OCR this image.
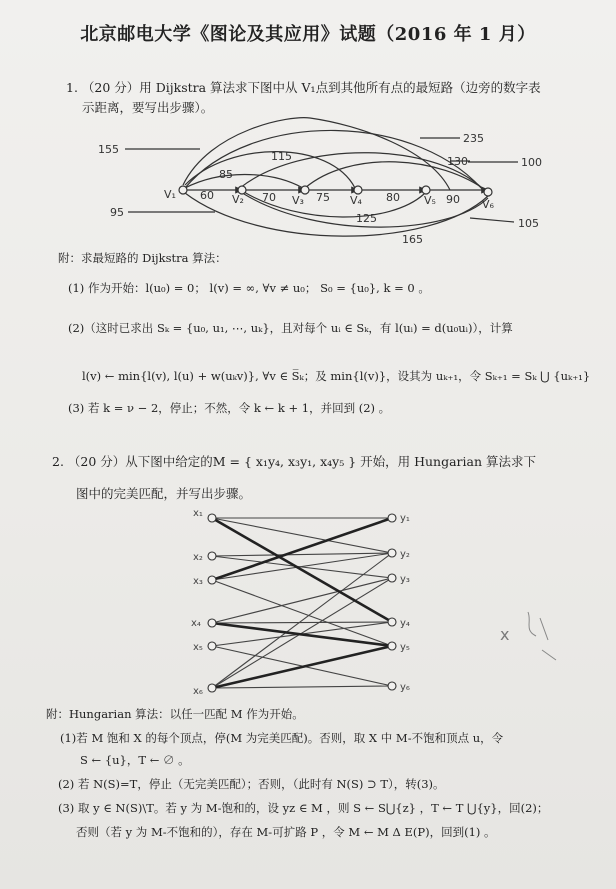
北京邮电大学《图论及其应用》试题（2016 年 1 月）
1. （20 分）用 Dijkstra 算法求下图中从 V₁点到其他所有点的最短路（边旁的数字表
示距离，要写出步骤）。
V₁	V₂	V₃	V₄	V₅	V₆
155
235
115	130	100
85
60	70	75	80	90
95	125	105
165
附：求最短路的 Dijkstra 算法：
(1) 作为开始：l(u₀) = 0； l(v) = ∞, ∀v ≠ u₀； S₀ = {u₀}, k = 0 。
(2)（这时已求出 Sₖ = {u₀, u₁, ⋯, uₖ}，且对每个 uᵢ ∈ Sₖ，有 l(uᵢ) = d(u₀uᵢ)），计算
l(v) ← min{l(v), l(u) + w(uₖv)}, ∀v ∈ S̅ₖ；及 min{l(v)}，设其为 uₖ₊₁，令 Sₖ₊₁ = Sₖ ⋃ {uₖ₊₁}
(3) 若 k = ν − 2，停止；不然，令 k ← k + 1，并回到 (2) 。
2. （20 分）从下图中给定的M = { x₁y₄, x₃y₁, x₄y₅ } 开始，用 Hungarian 算法求下
图中的完美匹配，并写出步骤。
x₁
x₂
x₃
x₄
x₅
x₆
y₁
y₂
y₃
y₄
y₅
y₆
x
附：Hungarian 算法：以任一匹配 M 作为开始。
(1)若 M 饱和 X 的每个顶点，停(M 为完美匹配)。否则，取 X 中 M-不饱和顶点 u，令
S ← {u}，T ← ∅ 。
(2) 若 N(S)=T，停止（无完美匹配）；否则，（此时有 N(S) ⊃ T），转(3)。
(3) 取 y ∈ N(S)\T。若 y 为 M-饱和的，设 yz ∈ M ，则 S ← S⋃{z} ，T ← T ⋃{y}，回(2)；
否则（若 y 为 M-不饱和的），存在 M-可扩路 P ，令 M ← M Δ E(P)，回到(1) 。
